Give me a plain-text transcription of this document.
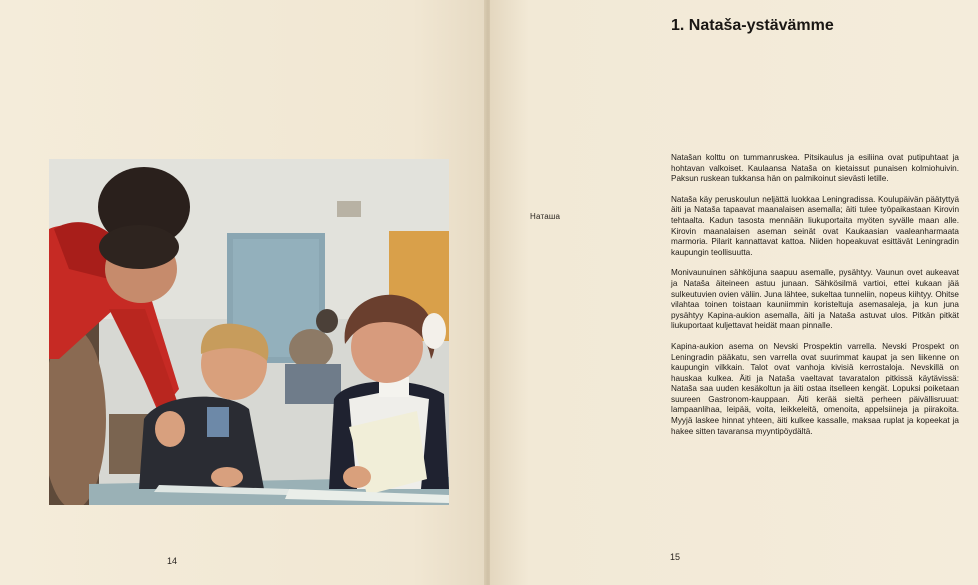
14
1. Nataša-ystävämme
Наташа

Natašan kolttu on tummanruskea. Pitsikaulus ja esiliina ovat putipuhtaat ja hohtavan valkoiset. Kaulaansa Nataša on kietaissut punaisen kolmiohuivin. Paksun ruskean tukkansa hän on palmikoinut sievästi letille.

Nataša käy peruskoulun neljättä luokkaa Leningradissa. Koulupäivän päätyttyä äiti ja Nataša tapaavat maanalaisen asemalla; äiti tulee työpaikastaan Kirovin tehtaalta. Kadun tasosta mennään liukuportaita myöten syvälle maan alle. Kirovin maanalaisen aseman seinät ovat Kaukaasian vaaleanharmaata marmoria. Pilarit kannattavat kattoa. Niiden hopeakuvat esittävät Leningradin kaupungin teollisuutta.

Monivaunuinen sähköjuna saapuu asemalle, pysähtyy. Vaunun ovet aukeavat ja Nataša äiteineen astuu junaan. Sähkösilmä vartioi, ettei kukaan jää sulkeutuvien ovien väliin. Juna lähtee, sukeltaa tunneliin, nopeus kiihtyy. Ohitse vilahtaa toinen toistaan kauniimmin koristeltuja asemasaleja, ja kun juna pysähtyy Kapina-aukion asemalla, äiti ja Nataša astuvat ulos. Pitkän pitkät liukuportaat kuljettavat heidät maan pinnalle.

Kapina-aukion asema on Nevski Prospektin varrella. Nevski Prospekt on Leningradin pääkatu, sen varrella ovat suurimmat kaupat ja sen liikenne on kaupungin vilkkain. Talot ovat vanhoja kivisiä kerrostaloja. Nevskillä on hauskaa kulkea. Äiti ja Nataša vaeltavat tavaratalon pitkissä käytävissä: Nataša saa uuden kesäkoltun ja äiti ostaa itselleen kengät. Lopuksi poiketaan suureen Gastronom-kauppaan. Äiti kerää sieltä perheen päivällisruuat: lampaanlihaa, leipää, voita, leikkeleitä, omenoita, appelsiineja ja piirakoita. Myyjä laskee hinnat yhteen, äiti kulkee kassalle, maksaa ruplat ja kopeekat ja hakee sitten tavaransa myyntipöydältä.

15
